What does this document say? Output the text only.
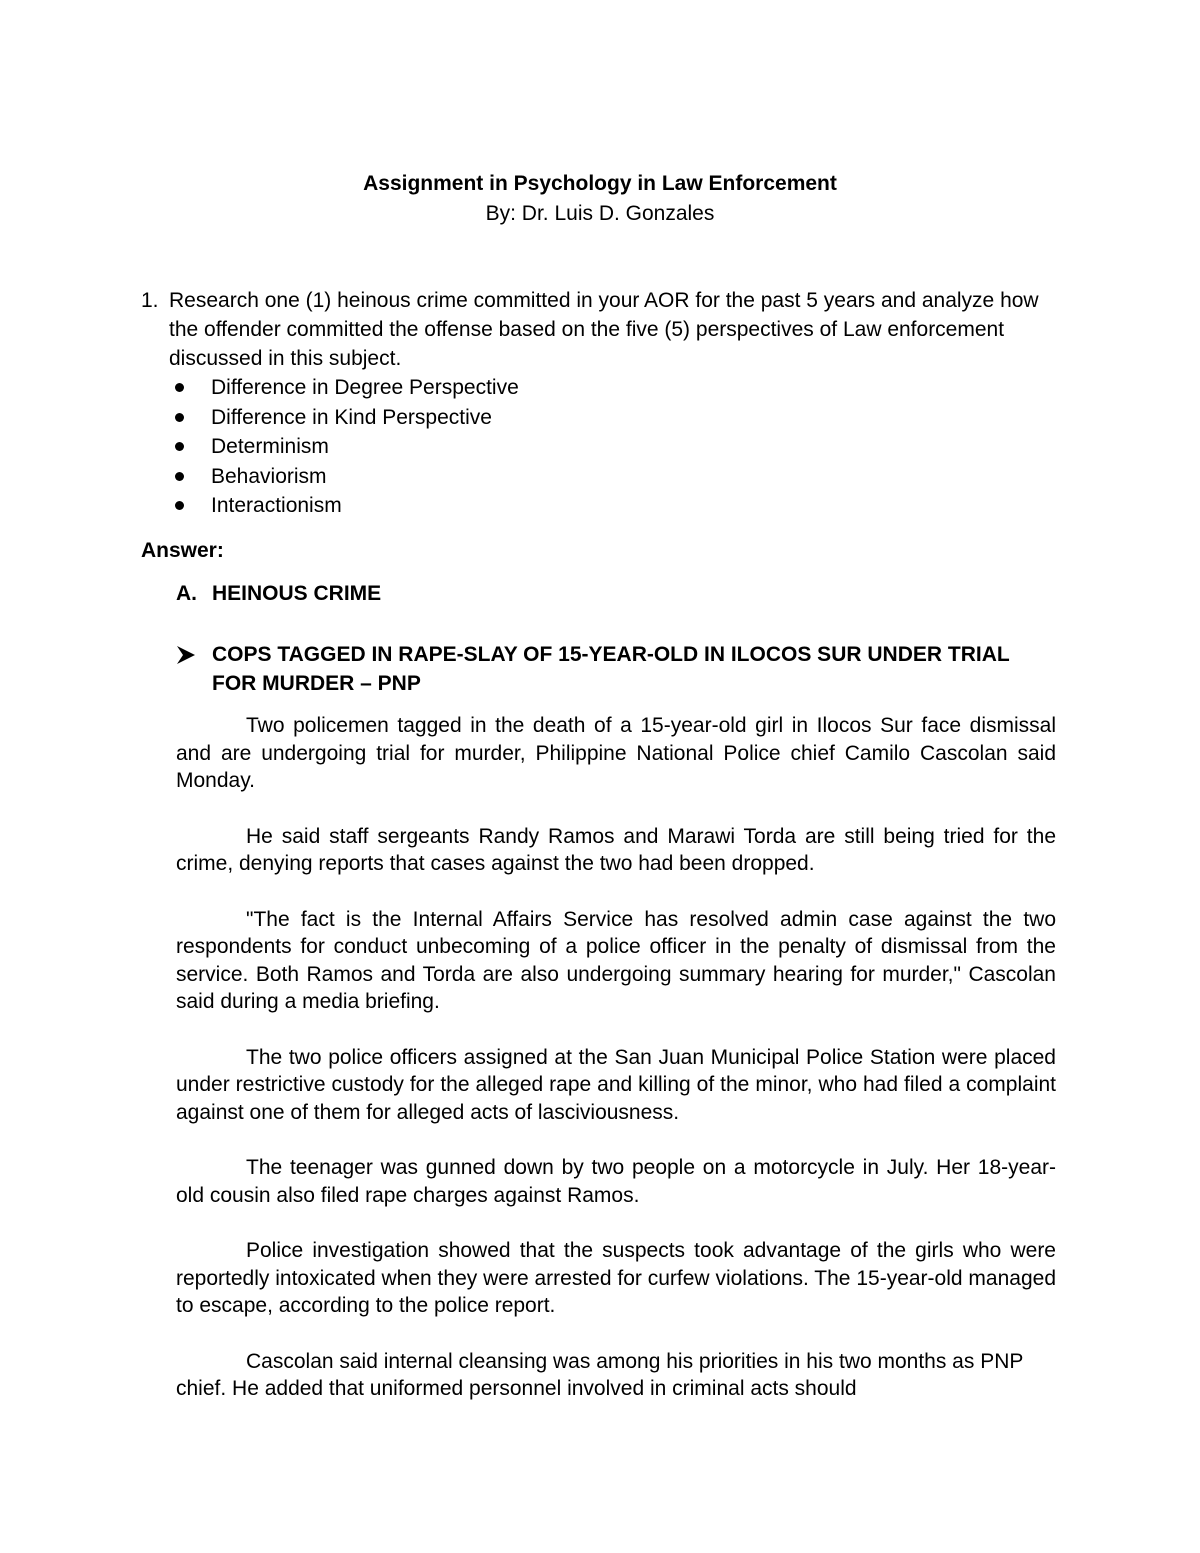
Assignment in Psychology in Law Enforcement
By: Dr. Luis D. Gonzales
1. Research one (1) heinous crime committed in your AOR for the past 5 years and analyze how the offender committed the offense based on the five (5) perspectives of Law enforcement discussed in this subject.
Difference in Degree Perspective
Difference in Kind Perspective
Determinism
Behaviorism
Interactionism
Answer:
A. HEINOUS CRIME
COPS TAGGED IN RAPE-SLAY OF 15-YEAR-OLD IN ILOCOS SUR UNDER TRIAL FOR MURDER – PNP

Two policemen tagged in the death of a 15-year-old girl in Ilocos Sur face dismissal and are undergoing trial for murder, Philippine National Police chief Camilo Cascolan said Monday.

He said staff sergeants Randy Ramos and Marawi Torda are still being tried for the crime, denying reports that cases against the two had been dropped.

"The fact is the Internal Affairs Service has resolved admin case against the two respondents for conduct unbecoming of a police officer in the penalty of dismissal from the service. Both Ramos and Torda are also undergoing summary hearing for murder," Cascolan said during a media briefing.

The two police officers assigned at the San Juan Municipal Police Station were placed under restrictive custody for the alleged rape and killing of the minor, who had filed a complaint against one of them for alleged acts of lasciviousness.

The teenager was gunned down by two people on a motorcycle in July. Her 18-year-old cousin also filed rape charges against Ramos.

Police investigation showed that the suspects took advantage of the girls who were reportedly intoxicated when they were arrested for curfew violations. The 15-year-old managed to escape, according to the police report.

Cascolan said internal cleansing was among his priorities in his two months as PNP chief. He added that uniformed personnel involved in criminal acts should
